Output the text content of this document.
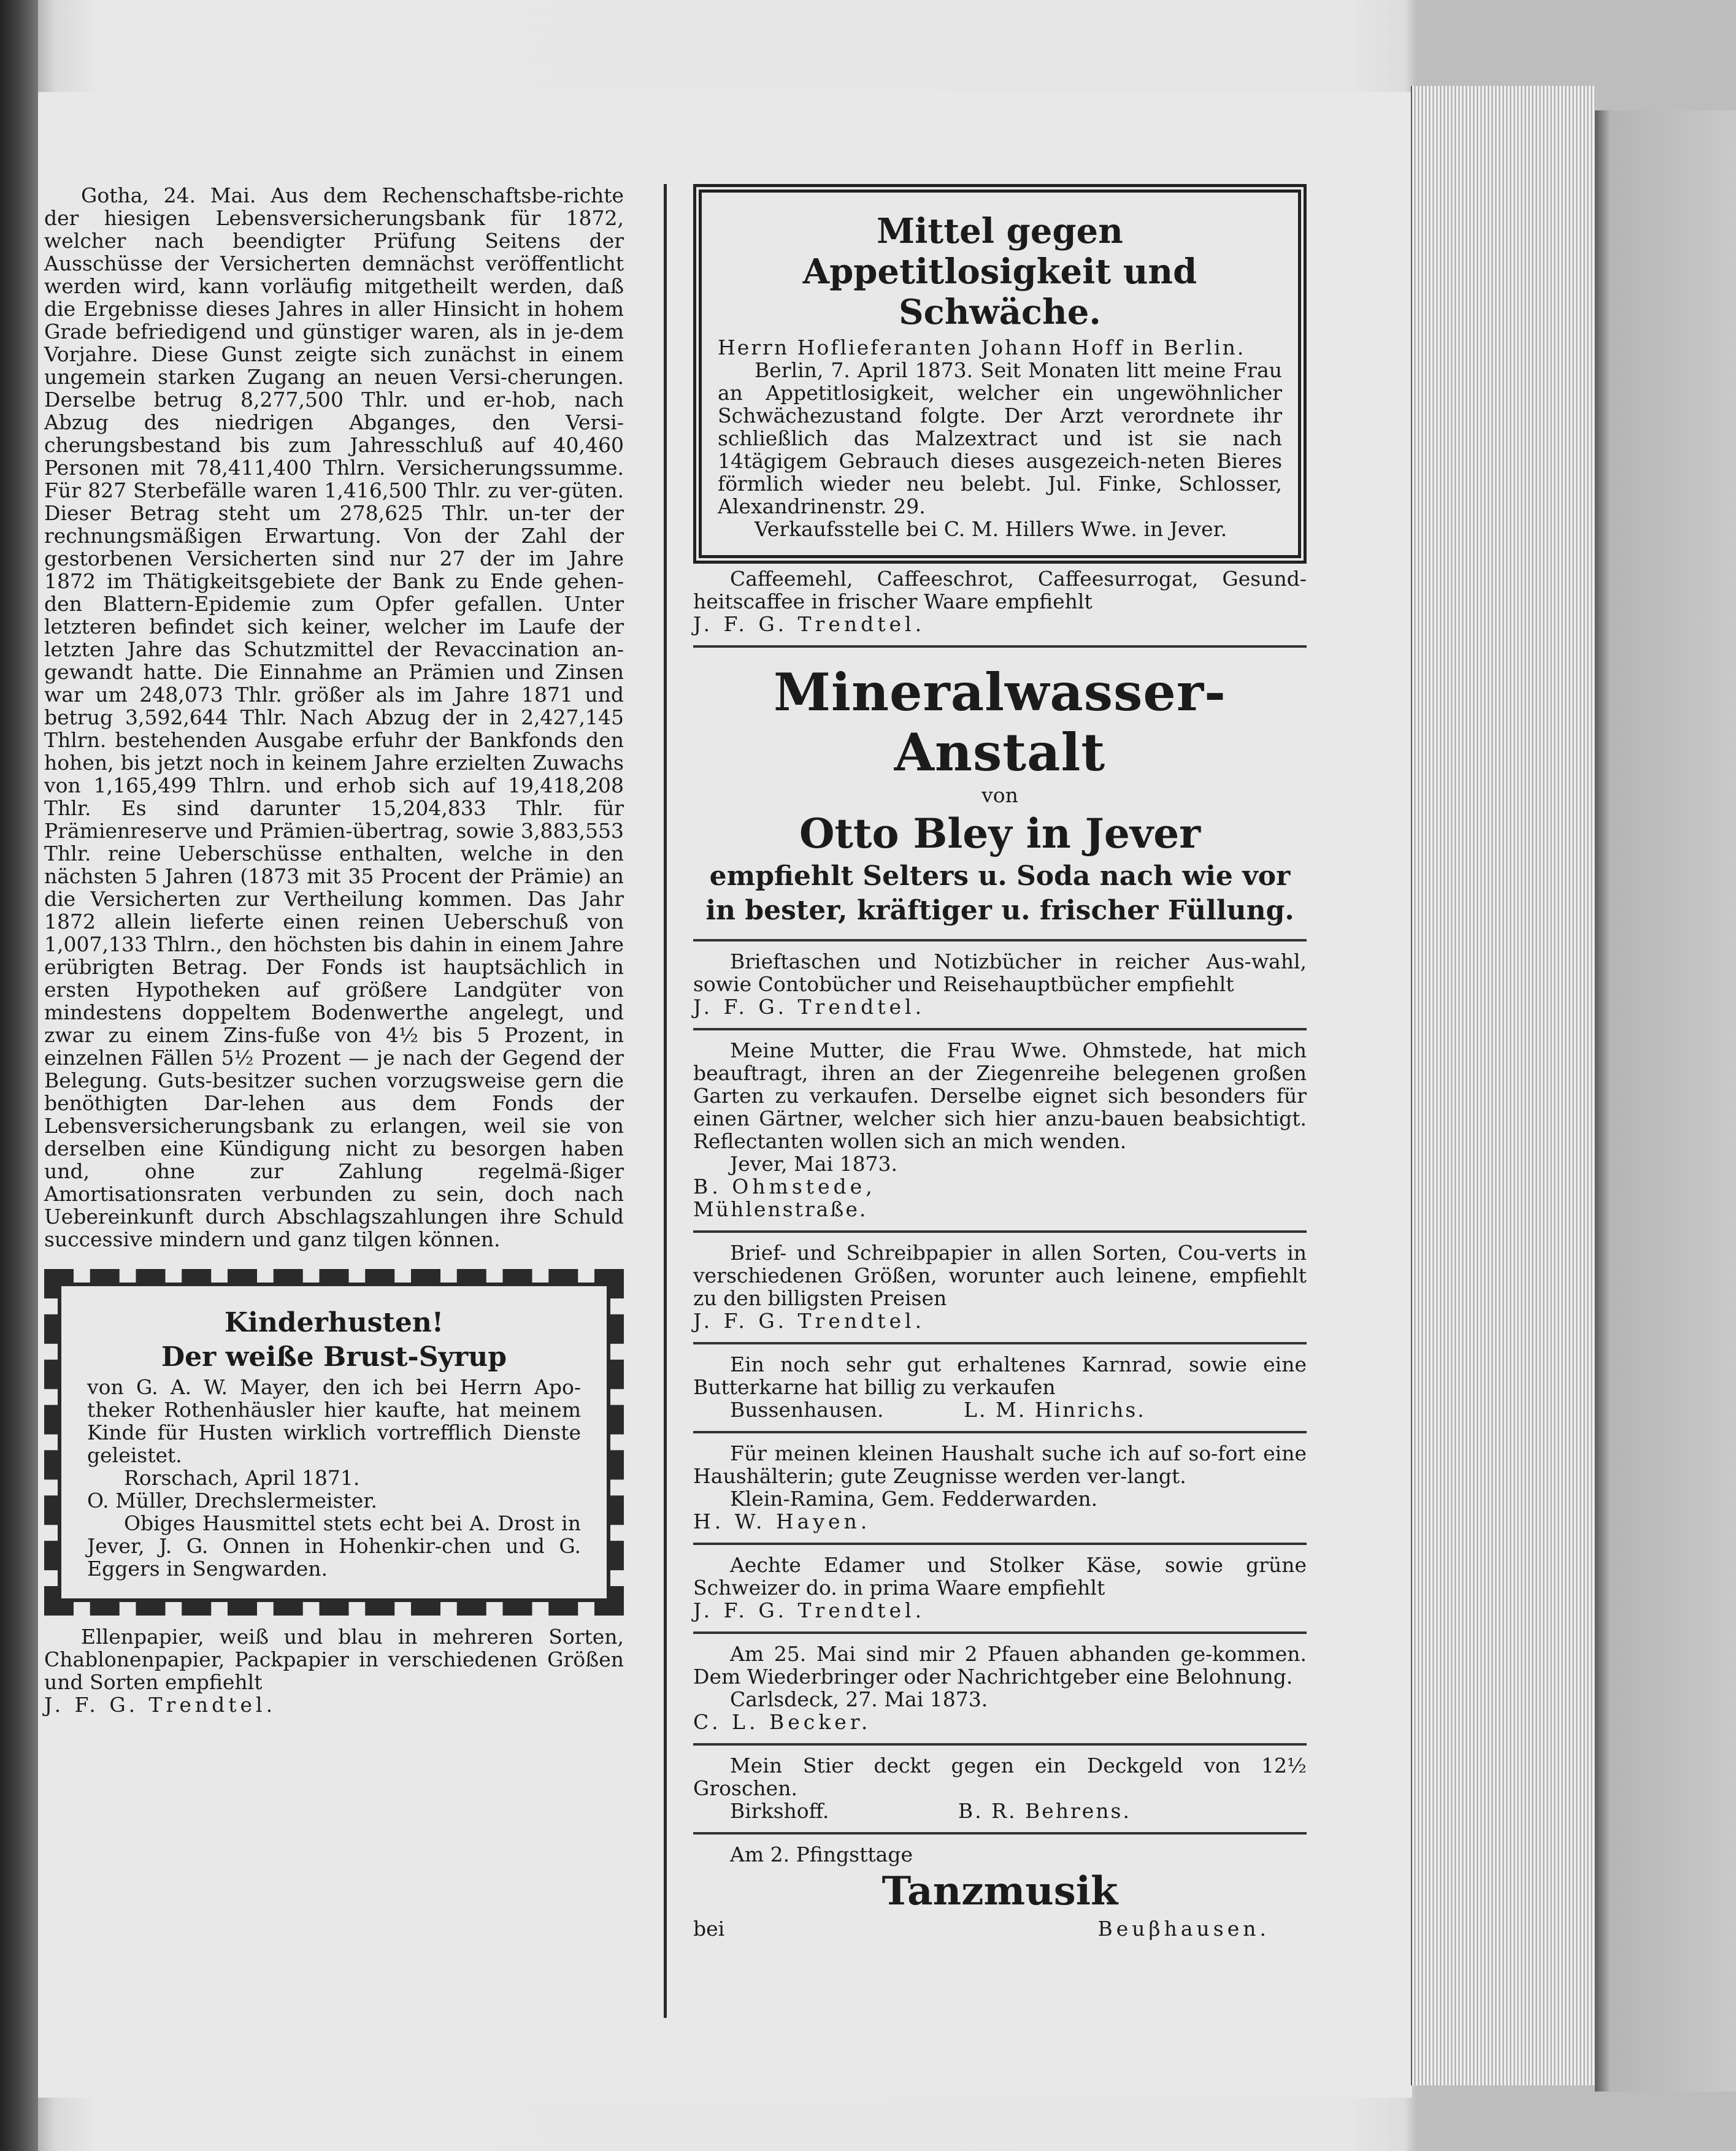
Gotha, 24. Mai. Aus dem Rechenschaftsbe-richte der hiesigen Lebensversicherungsbank für 1872, welcher nach beendigter Prüfung Seitens der Ausschüsse der Versicherten demnächst veröffentlicht werden wird, kann vorläufig mitgetheilt werden, daß die Ergebnisse dieses Jahres in aller Hinsicht in hohem Grade befriedigend und günstiger waren, als in je-dem Vorjahre. Diese Gunst zeigte sich zunächst in einem ungemein starken Zugang an neuen Versi-cherungen. Derselbe betrug 8,277,500 Thlr. und er-hob, nach Abzug des niedrigen Abganges, den Versi-cherungsbestand bis zum Jahresschluß auf 40,460 Personen mit 78,411,400 Thlrn. Versicherungssumme. Für 827 Sterbefälle waren 1,416,500 Thlr. zu ver-güten. Dieser Betrag steht um 278,625 Thlr. un-ter der rechnungsmäßigen Erwartung. Von der Zahl der gestorbenen Versicherten sind nur 27 der im Jahre 1872 im Thätigkeitsgebiete der Bank zu Ende gehen-den Blattern-Epidemie zum Opfer gefallen. Unter letzteren befindet sich keiner, welcher im Laufe der letzten Jahre das Schutzmittel der Revaccination an-gewandt hatte. Die Einnahme an Prämien und Zinsen war um 248,073 Thlr. größer als im Jahre 1871 und betrug 3,592,644 Thlr. Nach Abzug der in 2,427,145 Thlrn. bestehenden Ausgabe erfuhr der Bankfonds den hohen, bis jetzt noch in keinem Jahre erzielten Zuwachs von 1,165,499 Thlrn. und erhob sich auf 19,418,208 Thlr. Es sind darunter 15,204,833 Thlr. für Prämienreserve und Prämien-übertrag, sowie 3,883,553 Thlr. reine Ueberschüsse enthalten, welche in den nächsten 5 Jahren (1873 mit 35 Procent der Prämie) an die Versicherten zur Vertheilung kommen. Das Jahr 1872 allein lieferte einen reinen Ueberschuß von 1,007,133 Thlrn., den höchsten bis dahin in einem Jahre erübrigten Betrag. Der Fonds ist hauptsächlich in ersten Hypotheken auf größere Landgüter von mindestens doppeltem Bodenwerthe angelegt, und zwar zu einem Zins-fuße von 4½ bis 5 Prozent, in einzelnen Fällen 5½ Prozent — je nach der Gegend der Belegung. Guts-besitzer suchen vorzugsweise gern die benöthigten Dar-lehen aus dem Fonds der Lebensversicherungsbank zu erlangen, weil sie von derselben eine Kündigung nicht zu besorgen haben und, ohne zur Zahlung regelmä-ßiger Amortisationsraten verbunden zu sein, doch nach Uebereinkunft durch Abschlagszahlungen ihre Schuld successive mindern und ganz tilgen können.

Kinderhusten!
Der weiße Brust-Syrup

von G. A. W. Mayer, den ich bei Herrn Apo-theker Rothenhäusler hier kaufte, hat meinem Kinde für Husten wirklich vortrefflich Dienste geleistet.

Rorschach, April 1871.

O. Müller, Drechslermeister.

Obiges Hausmittel stets echt bei A. Drost in Jever, J. G. Onnen in Hohenkir-chen und G. Eggers in Sengwarden.

Ellenpapier, weiß und blau in mehreren Sorten, Chablonenpapier, Packpapier in verschiedenen Größen und Sorten empfiehlt

J. F. G. Trendtel.

Mittel gegen Appetitlosigkeit und Schwäche.

Herrn Hoflieferanten Johann Hoff in Berlin.

Berlin, 7. April 1873. Seit Monaten litt meine Frau an Appetitlosigkeit, welcher ein ungewöhnlicher Schwächezustand folgte. Der Arzt verordnete ihr schließlich das Malzextract und ist sie nach 14tägigem Gebrauch dieses ausgezeich-neten Bieres förmlich wieder neu belebt. Jul. Finke, Schlosser, Alexandrinenstr. 29.

Verkaufsstelle bei C. M. Hillers Wwe. in Jever.

Caffeemehl, Caffeeschrot, Caffeesurrogat, Gesund-heitscaffee in frischer Waare empfiehlt

J. F. G. Trendtel.

Mineralwasser-Anstalt
von
Otto Bley in Jever
empfiehlt Selters u. Soda nach wie vor
in bester, kräftiger u. frischer Füllung.

Brieftaschen und Notizbücher in reicher Aus-wahl, sowie Contobücher und Reisehauptbücher empfiehlt

J. F. G. Trendtel.

Meine Mutter, die Frau Wwe. Ohmstede, hat mich beauftragt, ihren an der Ziegenreihe belegenen großen Garten zu verkaufen. Derselbe eignet sich besonders für einen Gärtner, welcher sich hier anzu-bauen beabsichtigt. Reflectanten wollen sich an mich wenden.

Jever, Mai 1873.

B. Ohmstede,

Mühlenstraße.

Brief- und Schreibpapier in allen Sorten, Cou-verts in verschiedenen Größen, worunter auch leinene, empfiehlt zu den billigsten Preisen

J. F. G. Trendtel.

Ein noch sehr gut erhaltenes Karnrad, sowie eine Butterkarne hat billig zu verkaufen

Bussenhausen.	L. M. Hinrichs.

Für meinen kleinen Haushalt suche ich auf so-fort eine Haushälterin; gute Zeugnisse werden ver-langt.

Klein-Ramina, Gem. Fedderwarden.

H. W. Hayen.

Aechte Edamer und Stolker Käse, sowie grüne Schweizer do. in prima Waare empfiehlt

J. F. G. Trendtel.

Am 25. Mai sind mir 2 Pfauen abhanden ge-kommen. Dem Wiederbringer oder Nachrichtgeber eine Belohnung.

Carlsdeck, 27. Mai 1873.

C. L. Becker.

Mein Stier deckt gegen ein Deckgeld von 12½ Groschen.

Birkshoff.	B. R. Behrens.

Am 2. Pfingsttage

Tanzmusik

bei	Beuβhausen.
